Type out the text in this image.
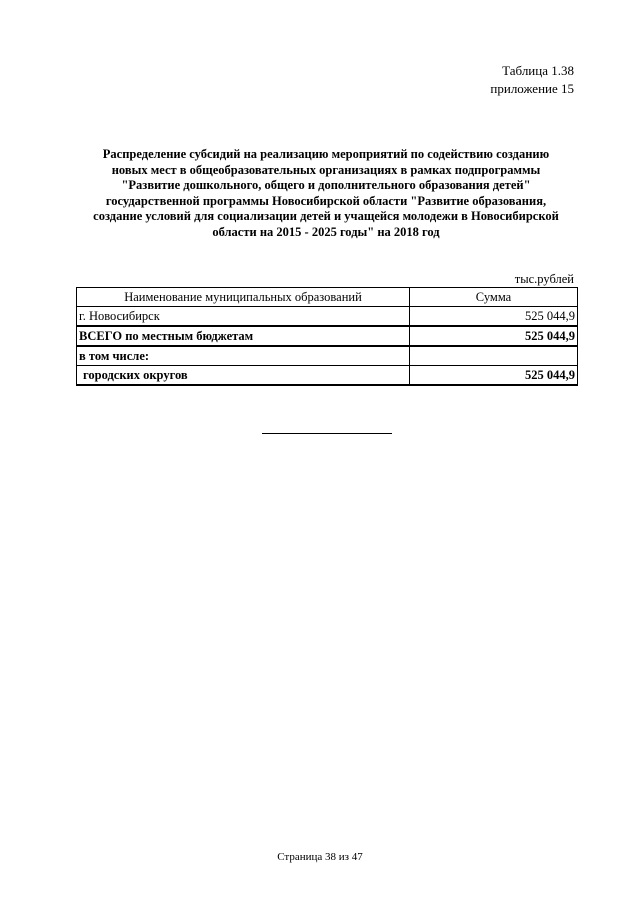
Таблица 1.38
приложение 15
Распределение субсидий на реализацию мероприятий по содействию созданию
новых мест в общеобразовательных организациях в рамках подпрограммы
"Развитие дошкольного, общего и дополнительного образования детей"
государственной программы Новосибирской области "Развитие образования,
создание условий для социализации детей и учащейся молодежи в Новосибирской
области на 2015 - 2025 годы" на 2018 год
тыс.рублей
Наименование муниципальных образований	Сумма
г. Новосибирск	525 044,9
ВСЕГО по местным бюджетам	525 044,9
в том числе:	
городских округов	525 044,9
Страница 38 из 47
